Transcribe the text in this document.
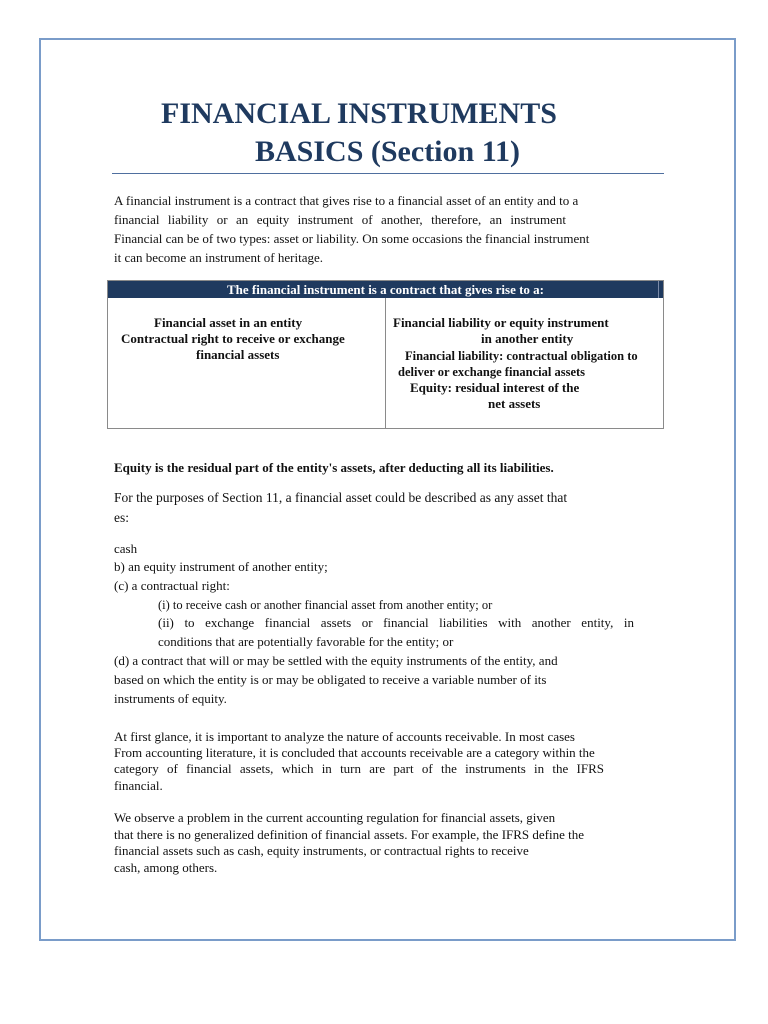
FINANCIAL INSTRUMENTS
BASICS (Section 11)
A financial instrument is a contract that gives rise to a financial asset of an entity and to a
financial liability or an equity instrument of another, therefore, an instrument
Financial can be of two types: asset or liability. On some occasions the financial instrument
it can become an instrument of heritage.
The financial instrument is a contract that gives rise to a:
Financial asset in an entity
Contractual right to receive or exchange
financial assets
Financial liability or equity instrument
in another entity
Financial liability: contractual obligation to
deliver or exchange financial assets
Equity: residual interest of the
net assets
Equity is the residual part of the entity's assets, after deducting all its liabilities.
For the purposes of Section 11, a financial asset could be described as any asset that
es:
cash
b) an equity instrument of another entity;
(c) a contractual right:
(i) to receive cash or another financial asset from another entity; or
(ii) to exchange financial assets or financial liabilities with another entity, in
conditions that are potentially favorable for the entity; or
(d) a contract that will or may be settled with the equity instruments of the entity, and
based on which the entity is or may be obligated to receive a variable number of its
instruments of equity.
At first glance, it is important to analyze the nature of accounts receivable. In most cases
From accounting literature, it is concluded that accounts receivable are a category within the
category of financial assets, which in turn are part of the instruments in the IFRS
financial.
We observe a problem in the current accounting regulation for financial assets, given
that there is no generalized definition of financial assets. For example, the IFRS define the
financial assets such as cash, equity instruments, or contractual rights to receive
cash, among others.
